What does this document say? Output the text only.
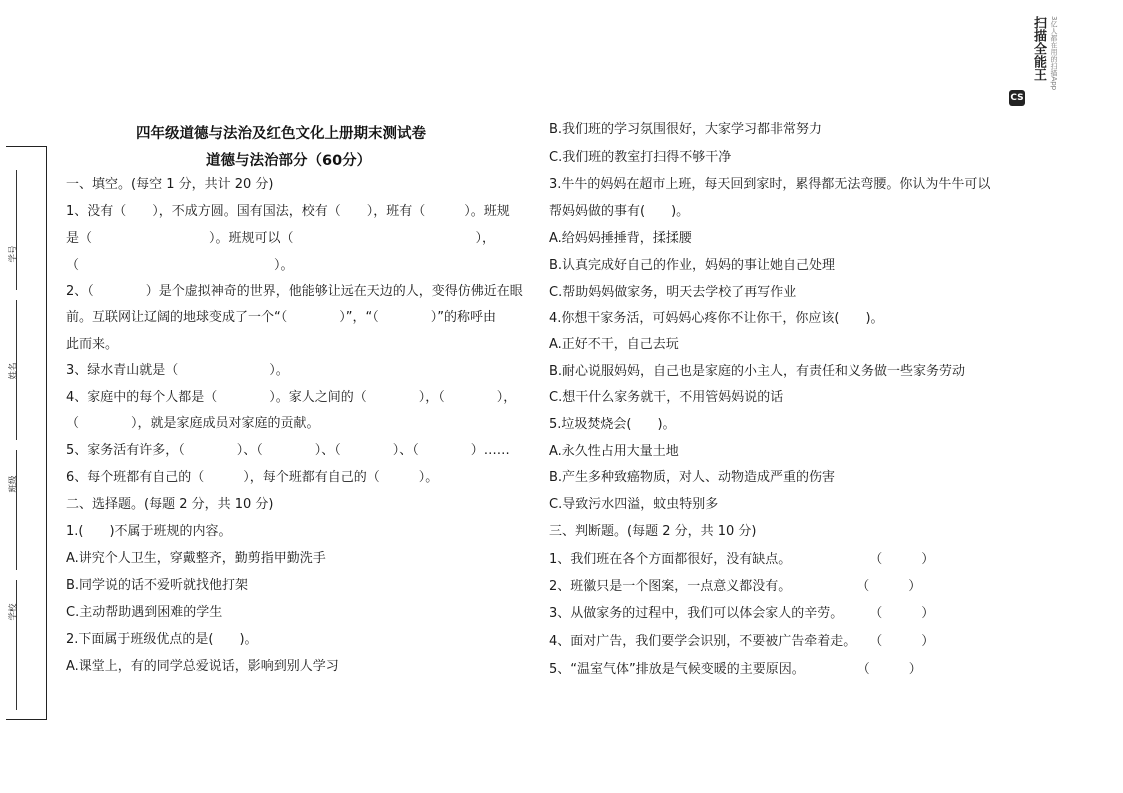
CS
扫描全能王 3亿人都在用的扫描App
学号
姓名
班级
学校
四年级道德与法治及红色文化上册期末测试卷
道德与法治部分（60分）
一、填空。(每空 1 分，共计 20 分)
1、没有（　　），不成方圆。国有国法，校有（　　），班有（　　　）。班规
是（　　　　　　　　　）。班规可以（　　　　　　　　　　　　　　），
（　　　　　　　　　　　　　　　）。
2、（　　　　）是个虚拟神奇的世界，他能够让远在天边的人，变得仿佛近在眼
前。互联网让辽阔的地球变成了一个“（　　　　）”，“（　　　　）”的称呼由
此而来。
3、绿水青山就是（　　　　　　　）。
4、家庭中的每个人都是（　　　　）。家人之间的（　　　　），（　　　　），
（　　　　），就是家庭成员对家庭的贡献。
5、家务活有许多，（　　　　）、（　　　　）、（　　　　）、（　　　　）……
6、每个班都有自己的（　　　），每个班都有自己的（　　　）。
二、选择题。(每题 2 分，共 10 分)
1.(　　)不属于班规的内容。
A.讲究个人卫生，穿戴整齐，勤剪指甲勤洗手
B.同学说的话不爱听就找他打架
C.主动帮助遇到困难的学生
2.下面属于班级优点的是(　　)。
A.课堂上，有的同学总爱说话，影响到别人学习
B.我们班的学习氛围很好，大家学习都非常努力
C.我们班的教室打扫得不够干净
3.牛牛的妈妈在超市上班，每天回到家时，累得都无法弯腰。你认为牛牛可以
帮妈妈做的事有(　　)。
A.给妈妈捶捶背，揉揉腰
B.认真完成好自己的作业，妈妈的事让她自己处理
C.帮助妈妈做家务，明天去学校了再写作业
4.你想干家务活，可妈妈心疼你不让你干，你应该(　　)。
A.正好不干，自己去玩
B.耐心说服妈妈，自己也是家庭的小主人，有责任和义务做一些家务劳动
C.想干什么家务就干，不用管妈妈说的话
5.垃圾焚烧会(　　)。
A.永久性占用大量土地
B.产生多种致癌物质，对人、动物造成严重的伤害
C.导致污水四溢，蚊虫特别多
三、判断题。(每题 2 分，共 10 分)
1、我们班在各个方面都很好，没有缺点。　　　　　　　（　　　）
2、班徽只是一个图案，一点意义都没有。　　　　　　（　　　）
3、从做家务的过程中，我们可以体会家人的辛劳。　　　（　　　）
4、面对广告，我们要学会识别，不要被广告牵着走。　　（　　　）
5、“温室气体”排放是气候变暖的主要原因。　　　　　（　　　）
